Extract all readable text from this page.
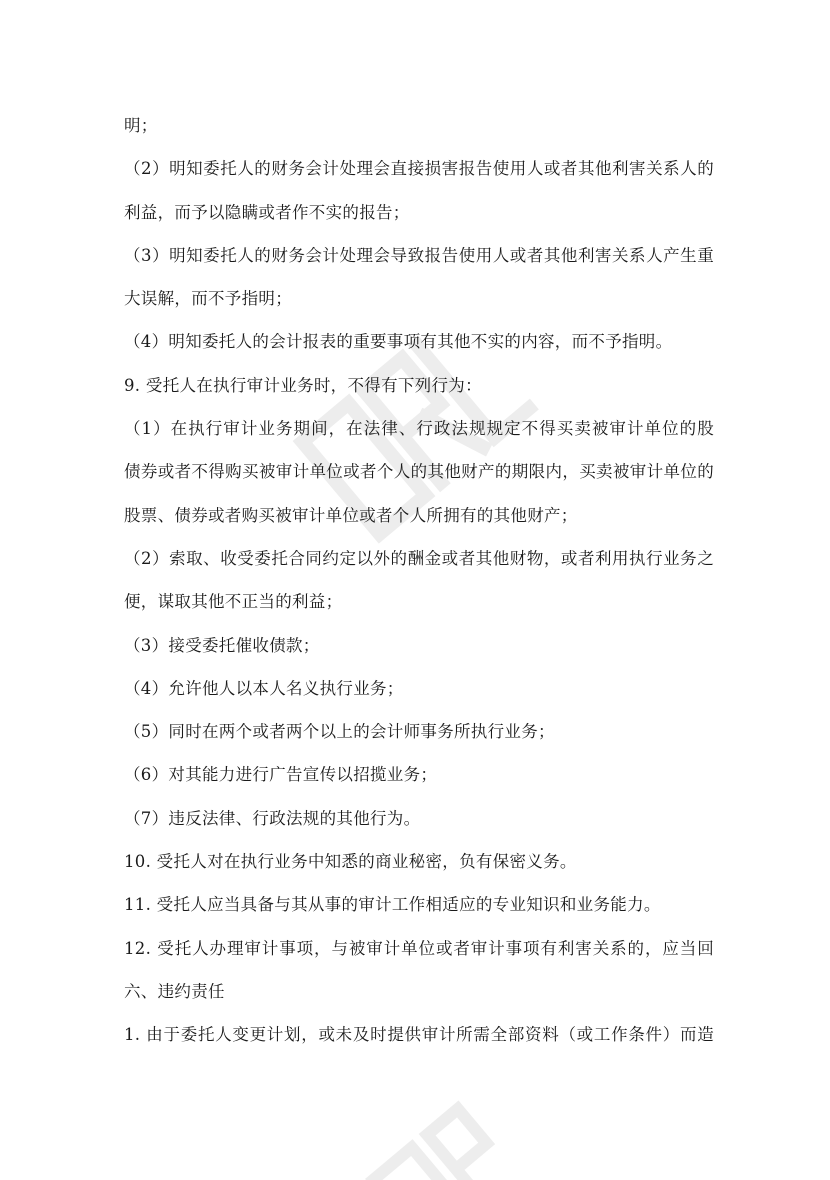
明；
（2）明知委托人的财务会计处理会直接损害报告使用人或者其他利害关系人的
利益，而予以隐瞒或者作不实的报告；
（3）明知委托人的财务会计处理会导致报告使用人或者其他利害关系人产生重
大误解，而不予指明；
（4）明知委托人的会计报表的重要事项有其他不实的内容，而不予指明。
9. 受托人在执行审计业务时，不得有下列行为：
（1）在执行审计业务期间，在法律、行政法规规定不得买卖被审计单位的股
债券或者不得购买被审计单位或者个人的其他财产的期限内，买卖被审计单位的
股票、债券或者购买被审计单位或者个人所拥有的其他财产；
（2）索取、收受委托合同约定以外的酬金或者其他财物，或者利用执行业务之
便，谋取其他不正当的利益；
（3）接受委托催收债款；
（4）允许他人以本人名义执行业务；
（5）同时在两个或者两个以上的会计师事务所执行业务；
（6）对其能力进行广告宣传以招揽业务；
（7）违反法律、行政法规的其他行为。
10. 受托人对在执行业务中知悉的商业秘密，负有保密义务。
11. 受托人应当具备与其从事的审计工作相适应的专业知识和业务能力。
12. 受托人办理审计事项，与被审计单位或者审计事项有利害关系的，应当回
六、违约责任
1. 由于委托人变更计划，或未及时提供审计所需全部资料（或工作条件）而造
